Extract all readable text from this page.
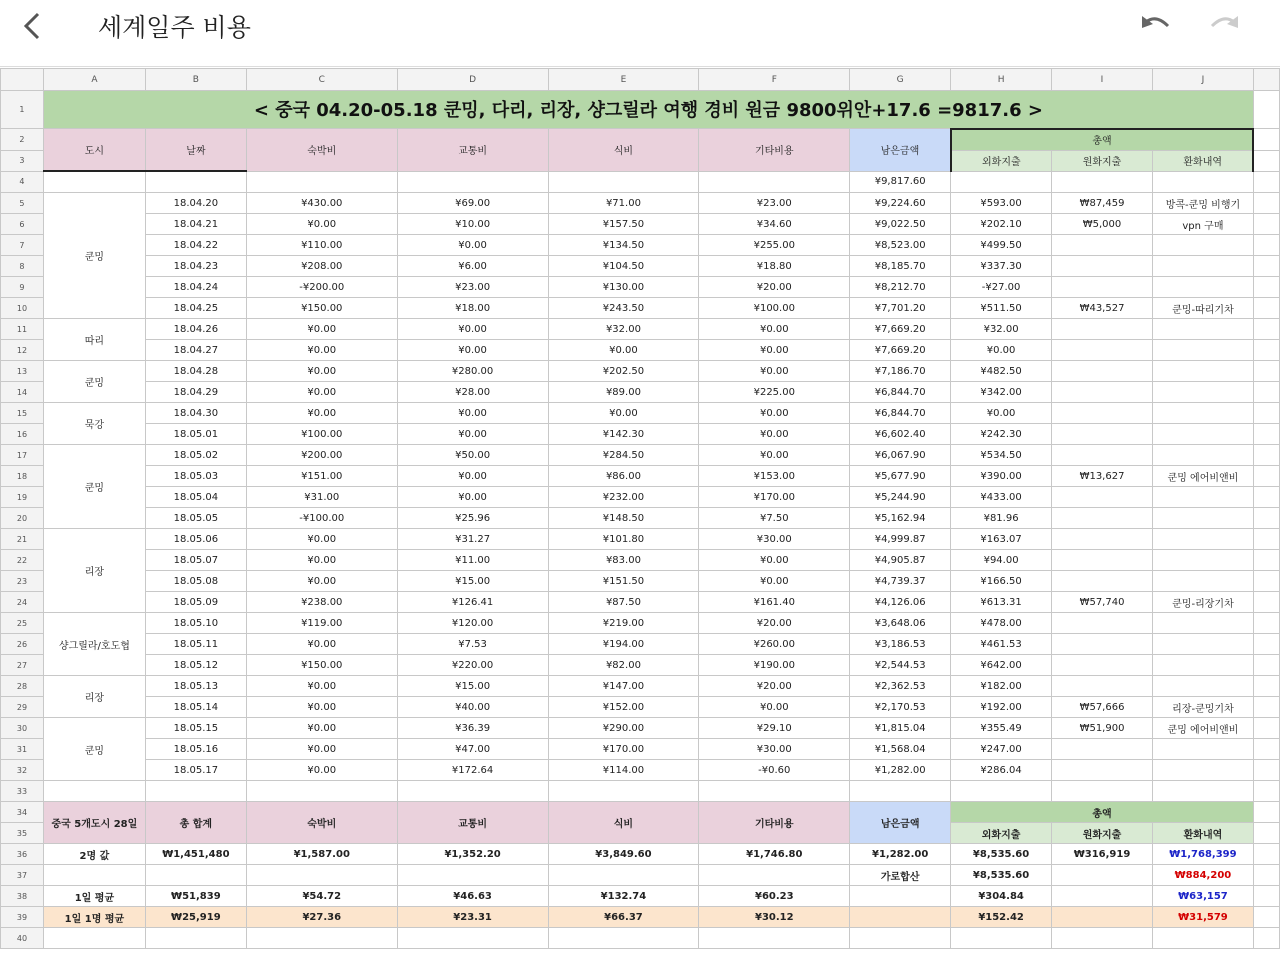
세계일주 비용
	A	B	C	D	E	F	G	H	I	J	
1	< 중국 04.20-05.18 쿤밍, 다리, 리장, 샹그릴라 여행 경비 원금 9800위안+17.6 =9817.6 >										
2	도시	날짜	숙박비	교통비	식비	기타비용	남은금액	총액			
3								외화지출	원화지출	환화내역	
4							¥9,817.60				
5	쿤밍	18.04.20	¥430.00	¥69.00	¥71.00	¥23.00	¥9,224.60	¥593.00	₩87,459	방콕-쿤밍 비행기	
6		18.04.21	¥0.00	¥10.00	¥157.50	¥34.60	¥9,022.50	¥202.10	₩5,000	vpn 구매	
7		18.04.22	¥110.00	¥0.00	¥134.50	¥255.00	¥8,523.00	¥499.50			
8		18.04.23	¥208.00	¥6.00	¥104.50	¥18.80	¥8,185.70	¥337.30			
9		18.04.24	-¥200.00	¥23.00	¥130.00	¥20.00	¥8,212.70	-¥27.00			
10		18.04.25	¥150.00	¥18.00	¥243.50	¥100.00	¥7,701.20	¥511.50	₩43,527	쿤밍-따리기차	
11	따리	18.04.26	¥0.00	¥0.00	¥32.00	¥0.00	¥7,669.20	¥32.00			
12		18.04.27	¥0.00	¥0.00	¥0.00	¥0.00	¥7,669.20	¥0.00			
13	쿤밍	18.04.28	¥0.00	¥280.00	¥202.50	¥0.00	¥7,186.70	¥482.50			
14		18.04.29	¥0.00	¥28.00	¥89.00	¥225.00	¥6,844.70	¥342.00			
15	묵강	18.04.30	¥0.00	¥0.00	¥0.00	¥0.00	¥6,844.70	¥0.00			
16		18.05.01	¥100.00	¥0.00	¥142.30	¥0.00	¥6,602.40	¥242.30			
17	쿤밍	18.05.02	¥200.00	¥50.00	¥284.50	¥0.00	¥6,067.90	¥534.50			
18		18.05.03	¥151.00	¥0.00	¥86.00	¥153.00	¥5,677.90	¥390.00	₩13,627	쿤밍 에어비앤비	
19		18.05.04	¥31.00	¥0.00	¥232.00	¥170.00	¥5,244.90	¥433.00			
20		18.05.05	-¥100.00	¥25.96	¥148.50	¥7.50	¥5,162.94	¥81.96			
21	리장	18.05.06	¥0.00	¥31.27	¥101.80	¥30.00	¥4,999.87	¥163.07			
22		18.05.07	¥0.00	¥11.00	¥83.00	¥0.00	¥4,905.87	¥94.00			
23		18.05.08	¥0.00	¥15.00	¥151.50	¥0.00	¥4,739.37	¥166.50			
24		18.05.09	¥238.00	¥126.41	¥87.50	¥161.40	¥4,126.06	¥613.31	₩57,740	쿤밍-리장기차	
25	샹그릴라/호도협	18.05.10	¥119.00	¥120.00	¥219.00	¥20.00	¥3,648.06	¥478.00			
26		18.05.11	¥0.00	¥7.53	¥194.00	¥260.00	¥3,186.53	¥461.53			
27		18.05.12	¥150.00	¥220.00	¥82.00	¥190.00	¥2,544.53	¥642.00			
28	리장	18.05.13	¥0.00	¥15.00	¥147.00	¥20.00	¥2,362.53	¥182.00			
29		18.05.14	¥0.00	¥40.00	¥152.00	¥0.00	¥2,170.53	¥192.00	₩57,666	리장-쿤밍기차	
30	쿤밍	18.05.15	¥0.00	¥36.39	¥290.00	¥29.10	¥1,815.04	¥355.49	₩51,900	쿤밍 에어비앤비	
31		18.05.16	¥0.00	¥47.00	¥170.00	¥30.00	¥1,568.04	¥247.00			
32		18.05.17	¥0.00	¥172.64	¥114.00	-¥0.60	¥1,282.00	¥286.04			
33											
34	중국 5개도시 28일	총 합계	숙박비	교통비	식비	기타비용	남은금액	총액			
35								외화지출	원화지출	환화내역	
36	2명 값	₩1,451,480	¥1,587.00	¥1,352.20	¥3,849.60	¥1,746.80	¥1,282.00	¥8,535.60	₩316,919	₩1,768,399	
37							가로합산	¥8,535.60		₩884,200	
38	1일 평균	₩51,839	¥54.72	¥46.63	¥132.74	¥60.23		¥304.84		₩63,157	
39	1일 1명 평균	₩25,919	¥27.36	¥23.31	¥66.37	¥30.12		¥152.42		₩31,579	
40											
